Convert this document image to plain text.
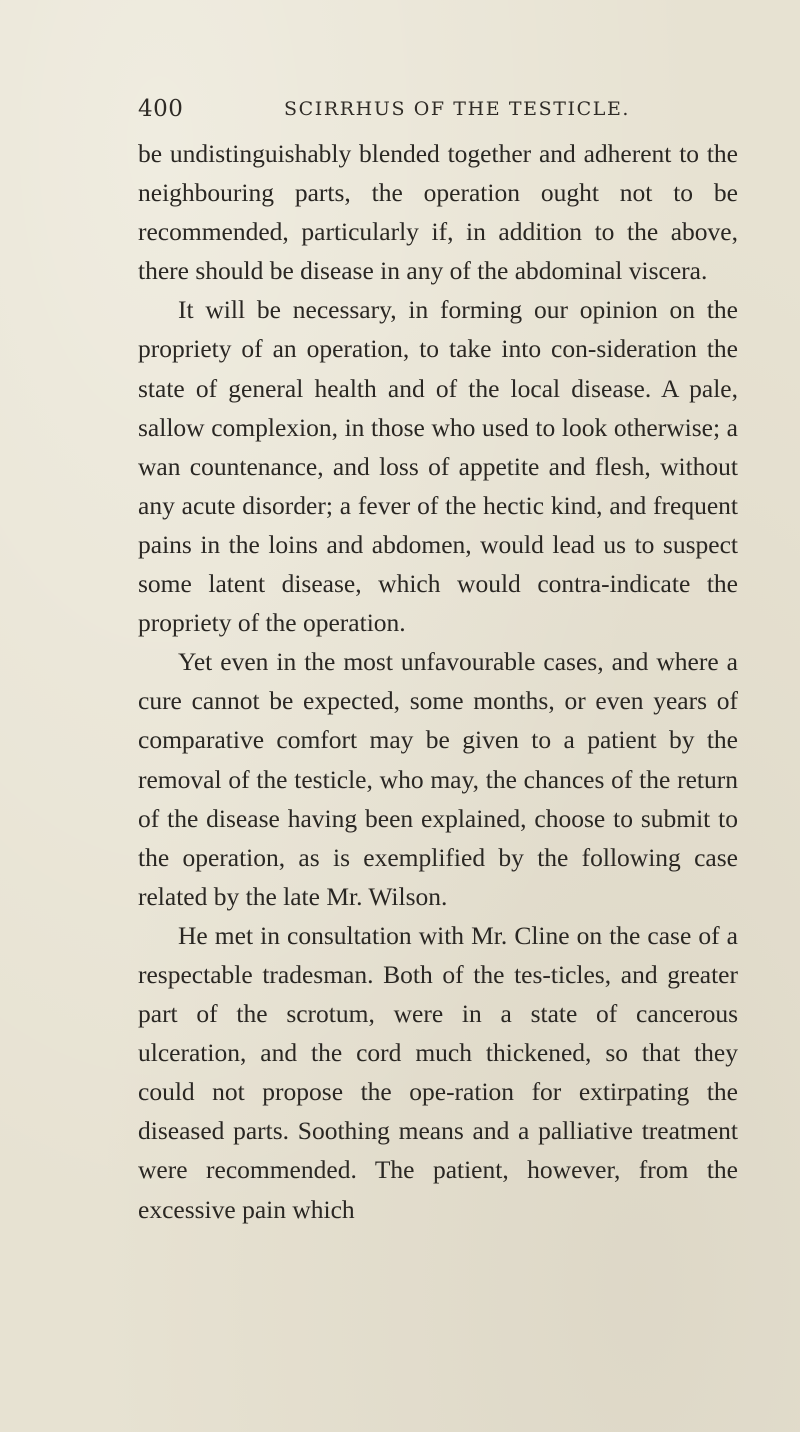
400	SCIRRHUS OF THE TESTICLE.

be undistinguishably blended together and adherent to the neighbouring parts, the operation ought not to be recommended, particularly if, in addition to the above, there should be disease in any of the abdominal viscera.

It will be necessary, in forming our opinion on the propriety of an operation, to take into con-sideration the state of general health and of the local disease. A pale, sallow complexion, in those who used to look otherwise; a wan countenance, and loss of appetite and flesh, without any acute disorder; a fever of the hectic kind, and frequent pains in the loins and abdomen, would lead us to suspect some latent disease, which would contra-indicate the propriety of the operation.

Yet even in the most unfavourable cases, and where a cure cannot be expected, some months, or even years of comparative comfort may be given to a patient by the removal of the testicle, who may, the chances of the return of the disease having been explained, choose to submit to the operation, as is exemplified by the following case related by the late Mr. Wilson.

He met in consultation with Mr. Cline on the case of a respectable tradesman. Both of the tes-ticles, and greater part of the scrotum, were in a state of cancerous ulceration, and the cord much thickened, so that they could not propose the ope-ration for extirpating the diseased parts. Soothing means and a palliative treatment were recommended. The patient, however, from the excessive pain which
